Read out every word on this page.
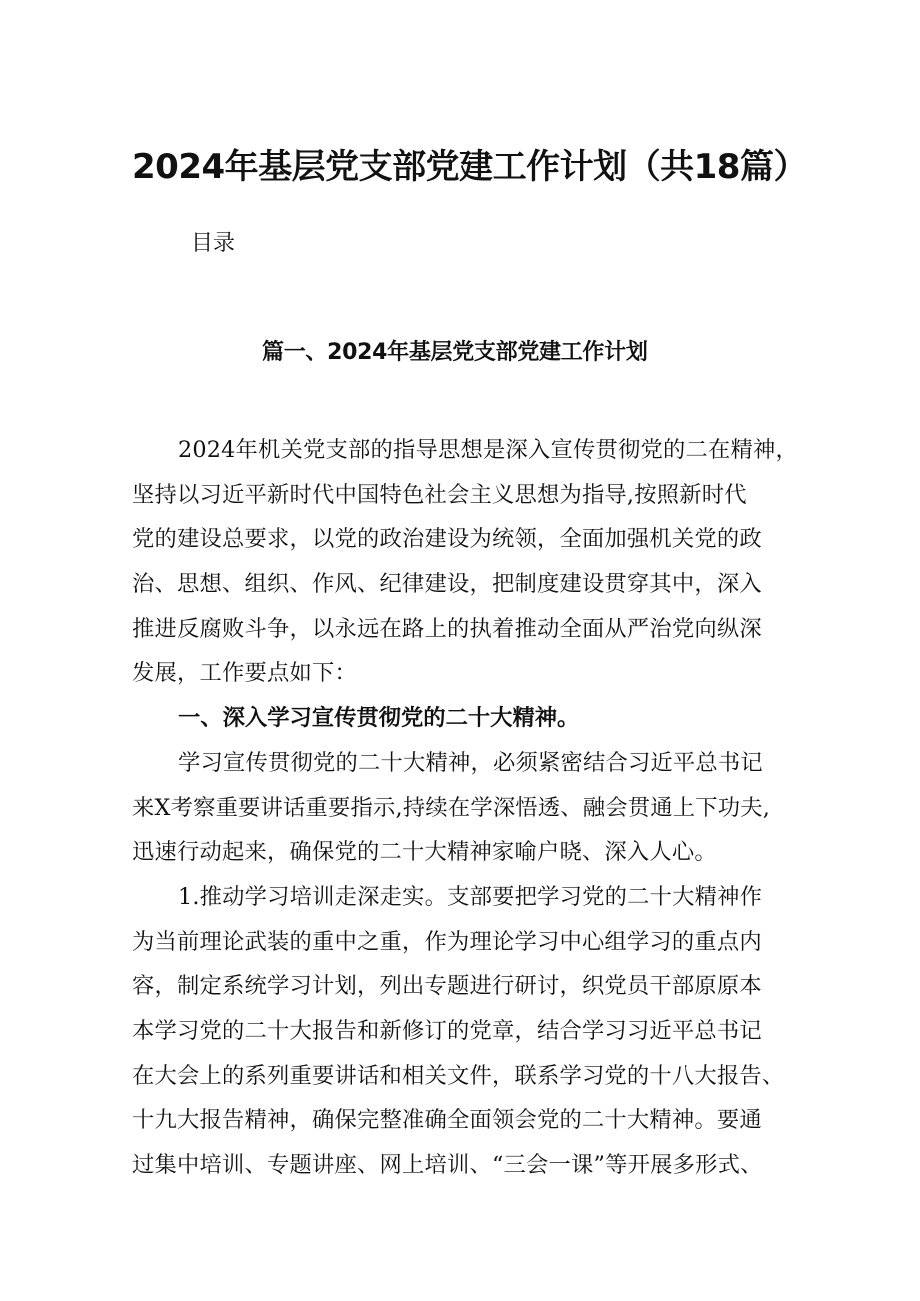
2024年基层党支部党建工作计划（共18篇）

目录

篇一、2024年基层党支部党建工作计划

2024年机关党支部的指导思想是深入宣传贯彻党的二在精神，
坚持以习近平新时代中国特色社会主义思想为指导,按照新时代
党的建设总要求，以党的政治建设为统领，全面加强机关党的政
治、思想、组织、作风、纪律建设，把制度建设贯穿其中，深入
推进反腐败斗争，以永远在路上的执着推动全面从严治党向纵深
发展，工作要点如下：

一、深入学习宣传贯彻党的二十大精神。

学习宣传贯彻党的二十大精神，必须紧密结合习近平总书记
来X考察重要讲话重要指示,持续在学深悟透、融会贯通上下功夫,
迅速行动起来，确保党的二十大精神家喻户晓、深入人心。

1.推动学习培训走深走实。支部要把学习党的二十大精神作
为当前理论武装的重中之重，作为理论学习中心组学习的重点内
容，制定系统学习计划，列出专题进行研讨，织党员干部原原本
本学习党的二十大报告和新修订的党章，结合学习习近平总书记
在大会上的系列重要讲话和相关文件，联系学习党的十八大报告、
十九大报告精神，确保完整准确全面领会党的二十大精神。要通
过集中培训、专题讲座、网上培训、“三会一课”等开展多形式、
